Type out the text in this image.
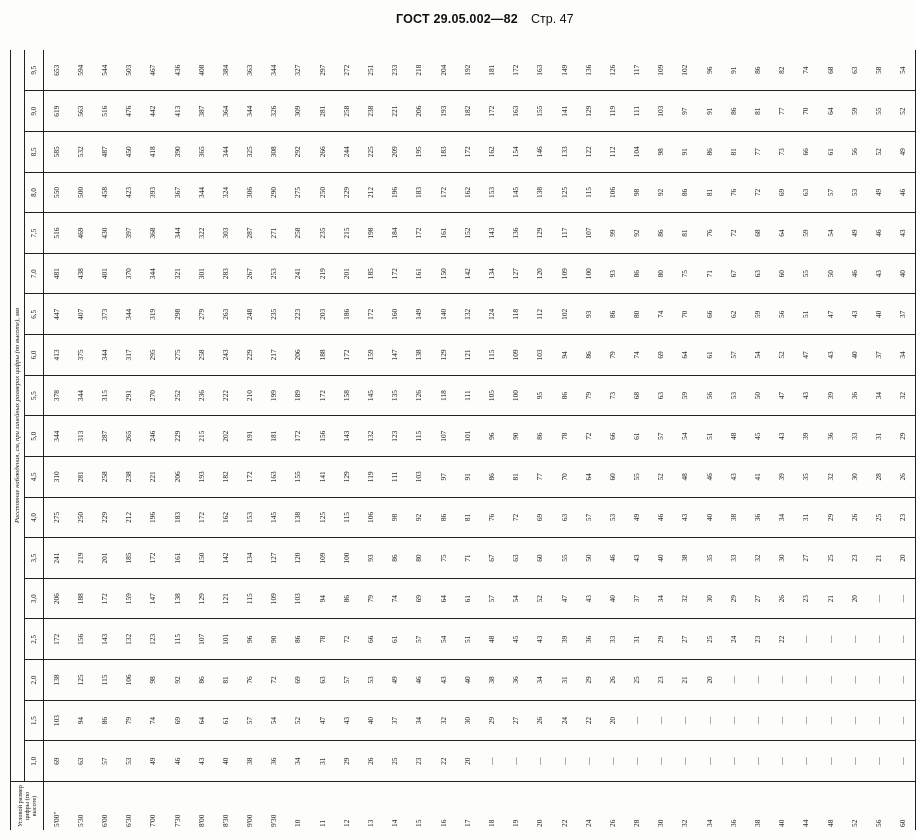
ГОСТ 29.05.002—82 Стр. 47
Угловой размер цифры (по высоте)	Расстояние наблюдения, см, при линейных размерах цифры (по высоте), мм																	
	1,0	1,5	2,0	2,5	3,0	3,5	4,0	4,5	5,0	5,5	6,0	6,5	7,0	7,5	8,0	8,5	9,0	9,5
5'00"	69	103	138	172	206	241	275	310	344	378	413	447	481	516	550	585	619	653
5'30	63	94	125	156	188	219	250	281	313	344	375	407	438	469	500	532	563	594
6'00	57	86	115	143	172	201	229	258	287	315	344	373	401	430	458	487	516	544
6'30	53	79	106	132	159	185	212	238	265	291	317	344	370	397	423	450	476	503
7'00	49	74	98	123	147	172	196	221	246	270	295	319	344	368	393	418	442	467
7'30	46	69	92	115	138	161	183	206	229	252	275	298	321	344	367	390	413	436
8'00	43	64	86	107	129	150	172	193	215	236	258	279	301	322	344	365	387	408
8'30	40	61	81	101	121	142	162	182	202	222	243	263	283	303	324	344	364	384
9'00	38	57	76	96	115	134	153	172	191	210	229	248	267	287	306	325	344	363
9'30	36	54	72	90	109	127	145	163	181	199	217	235	253	271	290	308	326	344
10	34	52	69	86	103	120	138	155	172	189	206	223	241	258	275	292	309	327
11	31	47	63	78	94	109	125	141	156	172	188	203	219	235	250	266	281	297
12	29	43	57	72	86	100	115	129	143	158	172	186	201	215	229	244	258	272
13	26	40	53	66	79	93	106	119	132	145	159	172	185	198	212	225	238	251
14	25	37	49	61	74	86	98	111	123	135	147	160	172	184	196	209	221	233
15	23	34	46	57	69	80	92	103	115	126	138	149	161	172	183	195	206	218
16	22	32	43	54	64	75	86	97	107	118	129	140	150	161	172	183	193	204
17	20	30	40	51	61	71	81	91	101	111	121	132	142	152	162	172	182	192
18	—	29	38	48	57	67	76	86	96	105	115	124	134	143	153	162	172	181
19	—	27	36	45	54	63	72	81	90	100	109	118	127	136	145	154	163	172
20	—	26	34	43	52	60	69	77	86	95	103	112	120	129	138	146	155	163
22	—	24	31	39	47	55	63	70	78	86	94	102	109	117	125	133	141	149
24	—	22	29	36	43	50	57	64	72	79	86	93	100	107	115	122	129	136
26	—	20	26	33	40	46	53	60	66	73	79	86	93	99	106	112	119	126
28	—	—	25	31	37	43	49	55	61	68	74	80	86	92	98	104	111	117
30	—	—	23	29	34	40	46	52	57	63	69	74	80	86	92	98	103	109
32	—	—	21	27	32	38	43	48	54	59	64	70	75	81	86	91	97	102
34	—	—	20	25	30	35	40	46	51	56	61	66	71	76	81	86	91	96
36	—	—	—	24	29	33	38	43	48	53	57	62	67	72	76	81	86	91
38	—	—	—	23	27	32	36	41	45	50	54	59	63	68	72	77	81	86
40	—	—	—	22	26	30	34	39	43	47	52	56	60	64	69	73	77	82
44	—	—	—	—	23	27	31	35	39	43	47	51	55	59	63	66	70	74
48	—	—	—	—	21	25	29	32	36	39	43	47	50	54	57	61	64	68
52	—	—	—	—	20	23	26	30	33	36	40	43	46	49	53	56	59	63
56	—	—	—	—	—	21	25	28	31	34	37	40	43	46	49	52	55	58
60	—	—	—	—	—	20	23	26	29	32	34	37	40	43	46	49	52	54
